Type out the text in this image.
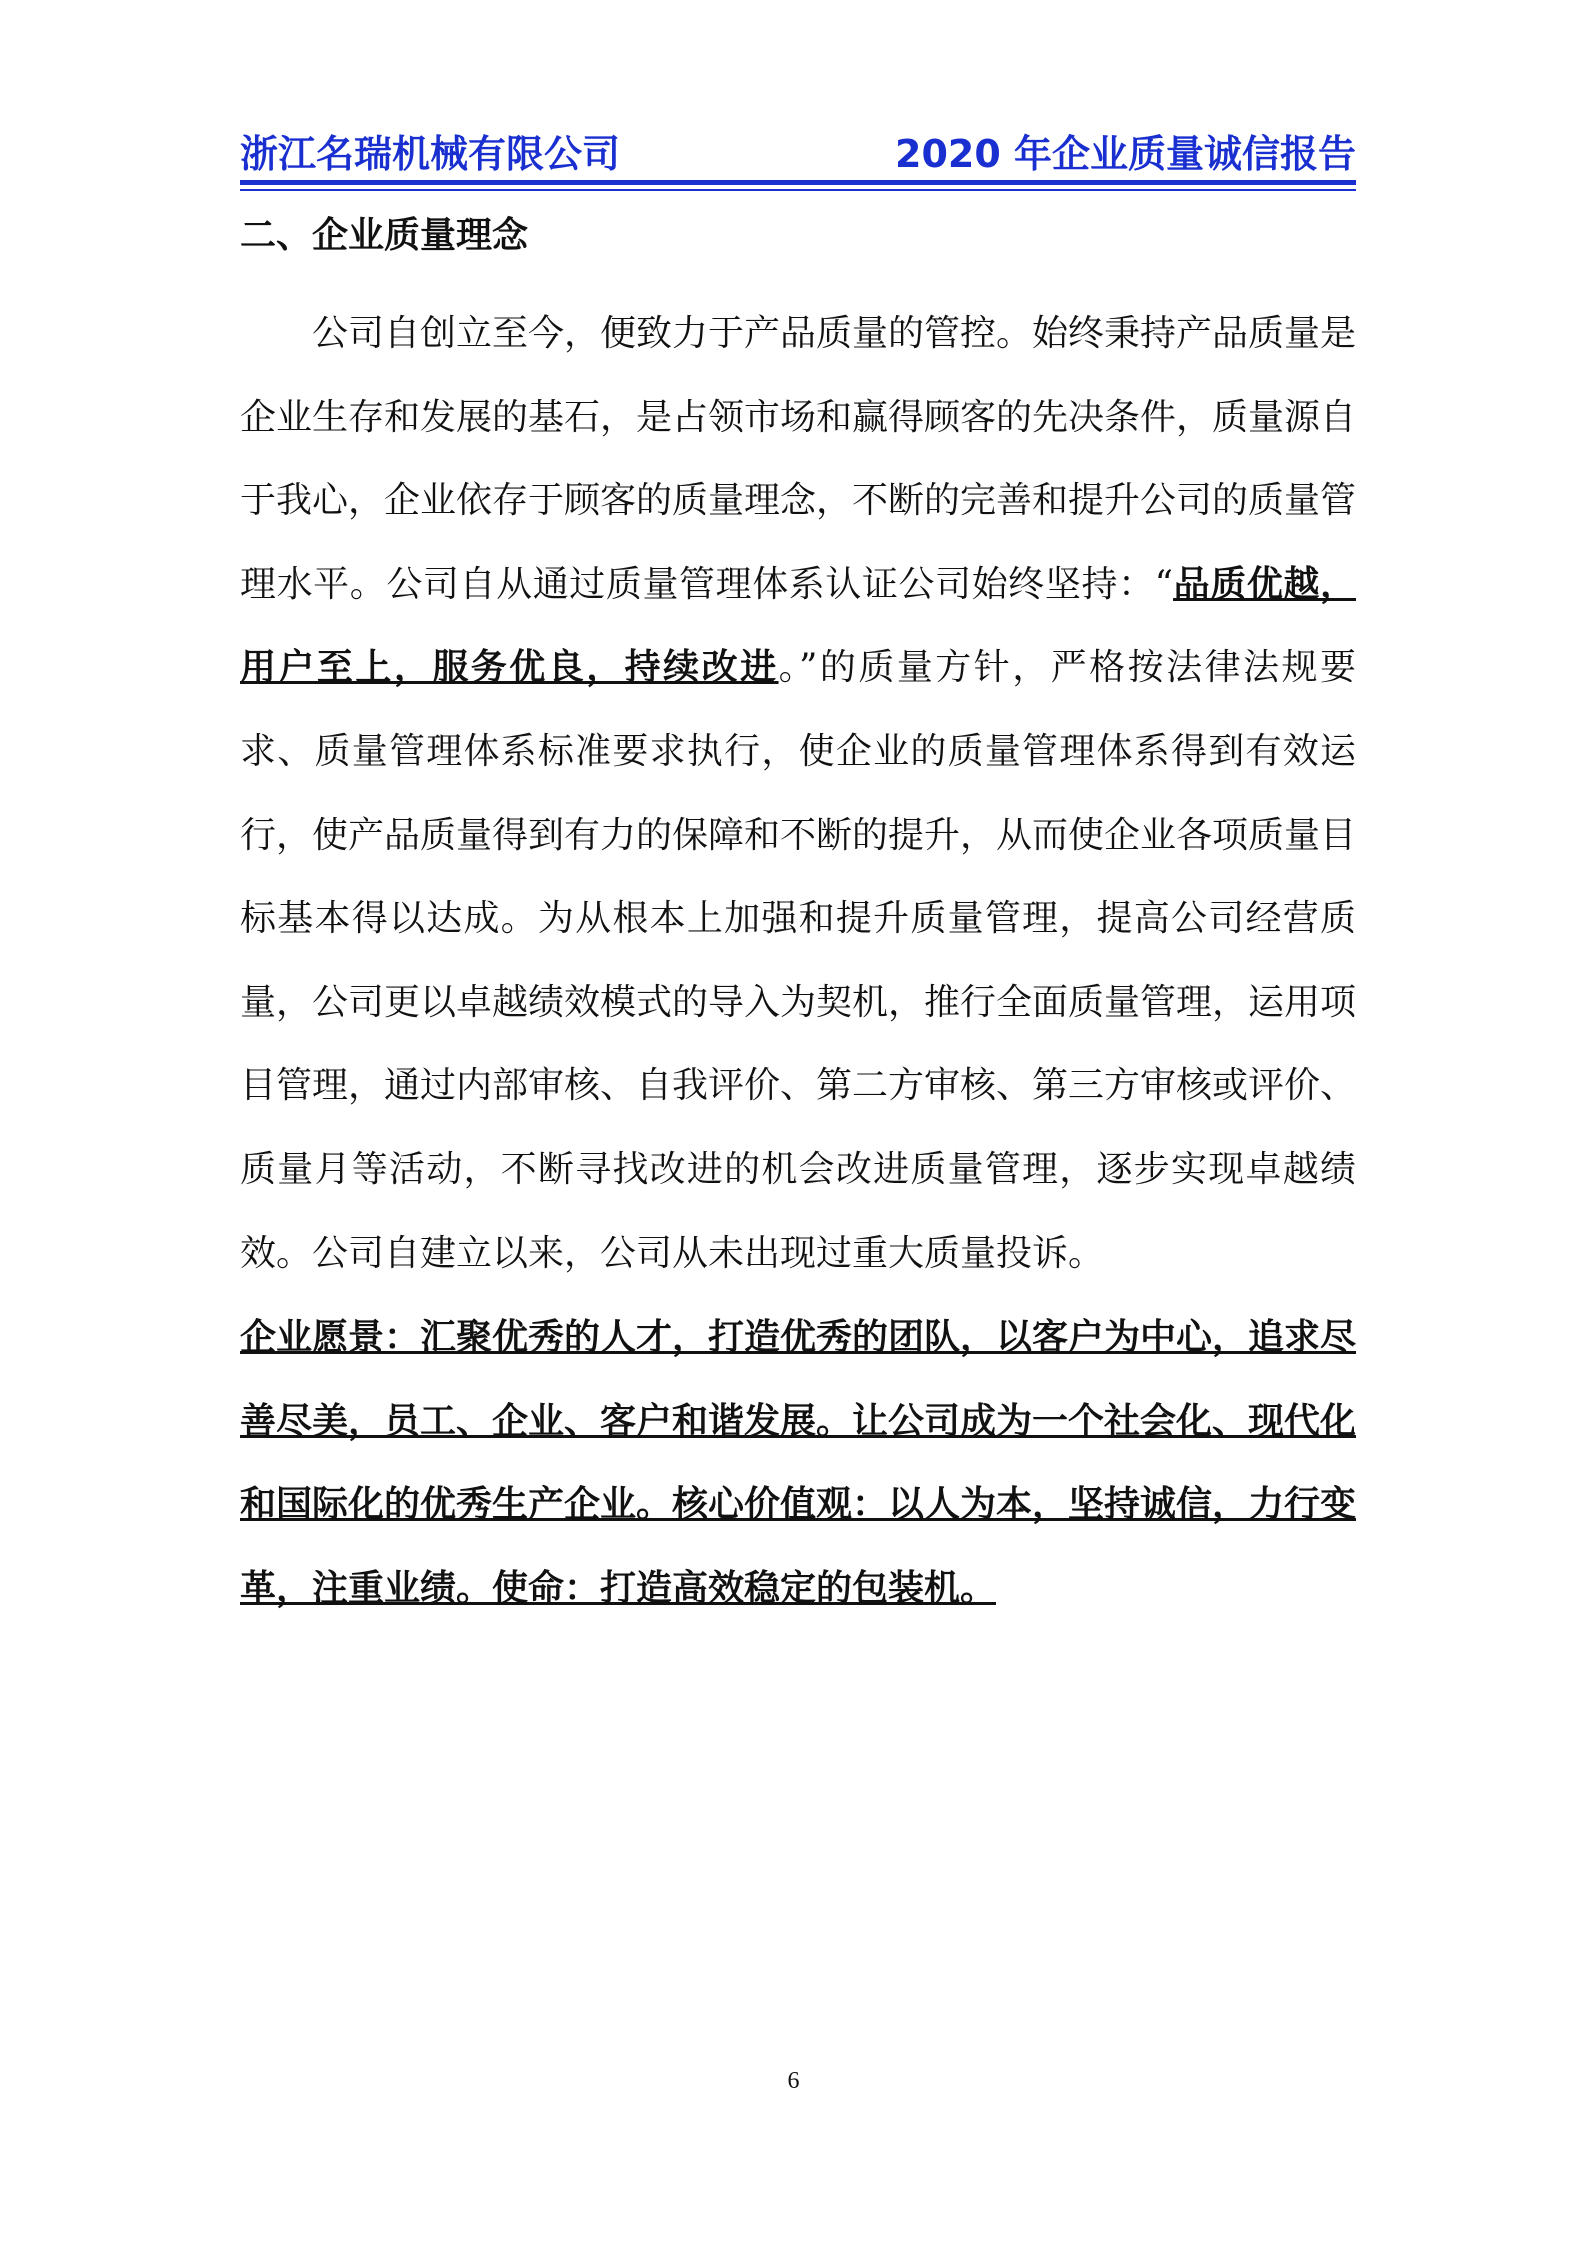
浙江名瑞机械有限公司	2020 年企业质量诚信报告
二、企业质量理念
公司自创立至今，便致力于产品质量的管控。始终秉持产品质量是企业生存和发展的基石，是占领市场和赢得顾客的先决条件，质量源自于我心，企业依存于顾客的质量理念，不断的完善和提升公司的质量管理水平。公司自从通过质量管理体系认证公司始终坚持：“品质优越，用户至上，服务优良，持续改进。”的质量方针，严格按法律法规要求、质量管理体系标准要求执行，使企业的质量管理体系得到有效运行，使产品质量得到有力的保障和不断的提升，从而使企业各项质量目标基本得以达成。为从根本上加强和提升质量管理，提高公司经营质量，公司更以卓越绩效模式的导入为契机，推行全面质量管理，运用项目管理，通过内部审核、自我评价、第二方审核、第三方审核或评价、质量月等活动，不断寻找改进的机会改进质量管理，逐步实现卓越绩效。公司自建立以来，公司从未出现过重大质量投诉。
企业愿景：汇聚优秀的人才，打造优秀的团队，以客户为中心，追求尽善尽美，员工、企业、客户和谐发展。让公司成为一个社会化、现代化和国际化的优秀生产企业。核心价值观：以人为本，坚持诚信，力行变革，注重业绩。使命：打造高效稳定的包装机。
6
